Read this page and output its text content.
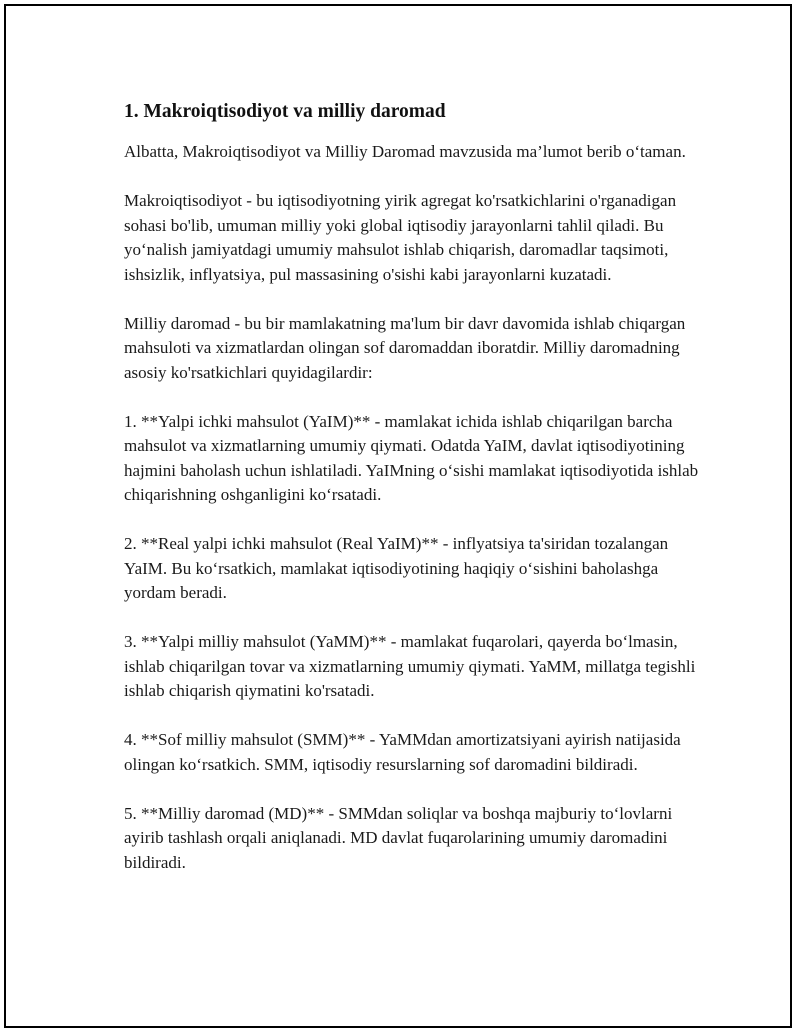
1. Makroiqtisodiyot va milliy daromad

Albatta, Makroiqtisodiyot va Milliy Daromad mavzusida ma’lumot berib o‘taman.

Makroiqtisodiyot - bu iqtisodiyotning yirik agregat ko'rsatkichlarini o'rganadigan sohasi bo'lib, umuman milliy yoki global iqtisodiy jarayonlarni tahlil qiladi. Bu yo‘nalish jamiyatdagi umumiy mahsulot ishlab chiqarish, daromadlar taqsimoti, ishsizlik, inflyatsiya, pul massasining o'sishi kabi jarayonlarni kuzatadi.

Milliy daromad - bu bir mamlakatning ma'lum bir davr davomida ishlab chiqargan mahsuloti va xizmatlardan olingan sof daromaddan iboratdir. Milliy daromadning asosiy ko'rsatkichlari quyidagilardir:

1. **Yalpi ichki mahsulot (YaIM)** - mamlakat ichida ishlab chiqarilgan barcha mahsulot va xizmatlarning umumiy qiymati. Odatda YaIM, davlat iqtisodiyotining hajmini baholash uchun ishlatiladi. YaIMning o‘sishi mamlakat iqtisodiyotida ishlab chiqarishning oshganligini ko‘rsatadi.

2. **Real yalpi ichki mahsulot (Real YaIM)** - inflyatsiya ta'siridan tozalangan YaIM. Bu ko‘rsatkich, mamlakat iqtisodiyotining haqiqiy o‘sishini baholashga yordam beradi.

3. **Yalpi milliy mahsulot (YaMM)** - mamlakat fuqarolari, qayerda bo‘lmasin, ishlab chiqarilgan tovar va xizmatlarning umumiy qiymati. YaMM, millatga tegishli ishlab chiqarish qiymatini ko'rsatadi.

4. **Sof milliy mahsulot (SMM)** - YaMMdan amortizatsiyani ayirish natijasida olingan ko‘rsatkich. SMM, iqtisodiy resurslarning sof daromadini bildiradi.

5. **Milliy daromad (MD)** - SMMdan soliqlar va boshqa majburiy to‘lovlarni ayirib tashlash orqali aniqlanadi. MD davlat fuqarolarining umumiy daromadini bildiradi.
